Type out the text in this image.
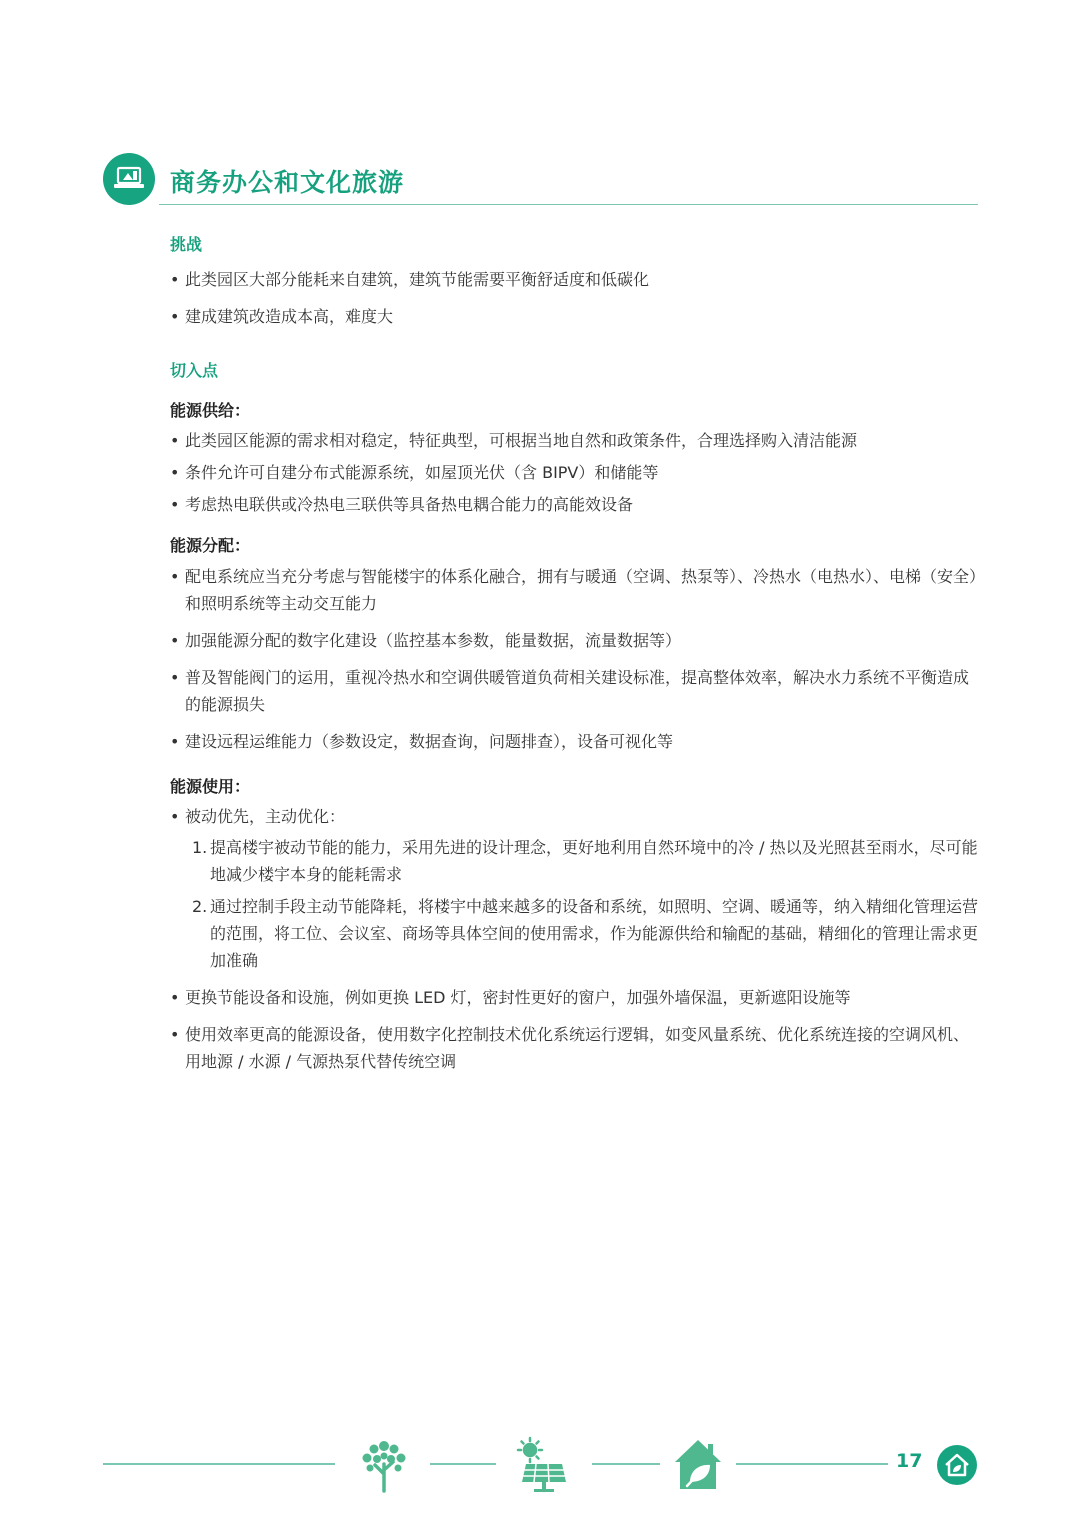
商务办公和文化旅游
挑战
• 此类园区大部分能耗来自建筑，建筑节能需要平衡舒适度和低碳化
• 建成建筑改造成本高，难度大
切入点
能源供给：
• 此类园区能源的需求相对稳定，特征典型，可根据当地自然和政策条件，合理选择购入清洁能源
• 条件允许可自建分布式能源系统，如屋顶光伏（含 BIPV）和储能等
• 考虑热电联供或冷热电三联供等具备热电耦合能力的高能效设备
能源分配：
• 配电系统应当充分考虑与智能楼宇的体系化融合，拥有与暖通（空调、热泵等）、冷热水（电热水）、电梯（安全）和照明系统等主动交互能力
• 加强能源分配的数字化建设（监控基本参数，能量数据，流量数据等）
• 普及智能阀门的运用，重视冷热水和空调供暖管道负荷相关建设标准，提高整体效率，解决水力系统不平衡造成的能源损失
• 建设远程运维能力（参数设定，数据查询，问题排查），设备可视化等
能源使用：
• 被动优先，主动优化：
1. 提高楼宇被动节能的能力，采用先进的设计理念，更好地利用自然环境中的冷 / 热以及光照甚至雨水，尽可能地减少楼宇本身的能耗需求
2. 通过控制手段主动节能降耗，将楼宇中越来越多的设备和系统，如照明、空调、暖通等，纳入精细化管理运营的范围，将工位、会议室、商场等具体空间的使用需求，作为能源供给和输配的基础，精细化的管理让需求更加准确
• 更换节能设备和设施，例如更换 LED 灯，密封性更好的窗户，加强外墙保温，更新遮阳设施等
• 使用效率更高的能源设备，使用数字化控制技术优化系统运行逻辑，如变风量系统、优化系统连接的空调风机、用地源 / 水源 / 气源热泵代替传统空调
17
